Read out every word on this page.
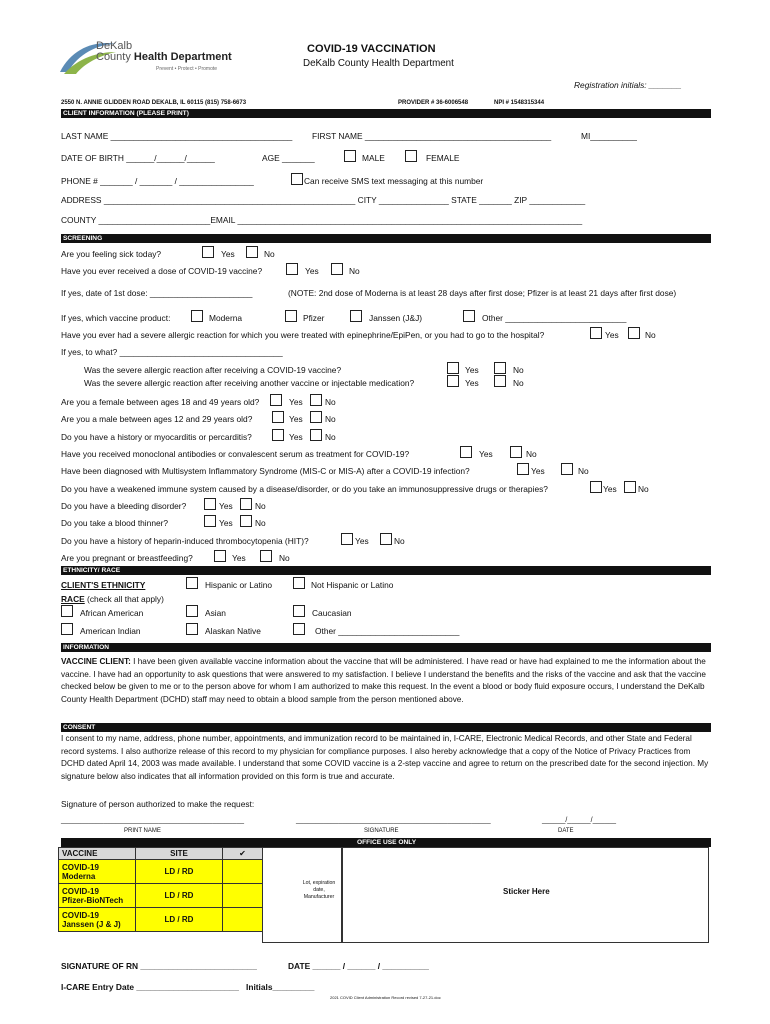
DeKalb
County Health Department
Prevent • Protect • Promote
COVID-19 VACCINATION
DeKalb County Health Department
Registration initials: _______
2550 N. ANNIE GLIDDEN ROAD DEKALB, IL 60115 (815) 758-6673	PROVIDER # 36-6006548	NPI # 1548315344
CLIENT INFORMATION (PLEASE PRINT)
LAST NAME _______________________________________ FIRST NAME ________________________________________	MI__________
DATE OF BIRTH ______/______/______	AGE _______	MALE	FEMALE
PHONE # _______ / _______ / ________________	Can receive SMS text messaging at this number
ADDRESS ______________________________________________________ CITY _______________ STATE _______ ZIP ____________
COUNTY ________________________EMAIL __________________________________________________________________________
SCREENING
Are you feeling sick today?	Yes	No
Have you ever received a dose of COVID-19 vaccine?	Yes	No
If yes, date of 1st dose: ______________________	(NOTE: 2nd dose of Moderna is at least 28 days after first dose; Pfizer is at least 21 days after first dose)
If yes, which vaccine product:	Moderna	Pfizer	Janssen (J&J)	Other __________________________
Have you ever had a severe allergic reaction for which you were treated with epinephrine/EpiPen, or you had to go to the hospital?	Yes	No
If yes, to what? ___________________________________
Was the severe allergic reaction after receiving a COVID-19 vaccine?	Yes	No
Was the severe allergic reaction after receiving another vaccine or injectable medication?	Yes	No
Are you a female between ages 18 and 49 years old?	Yes	No
Are you a male between ages 12 and 29 years old?	Yes	No
Do you have a history or myocarditis or percarditis?	Yes	No
Have you received monoclonal antibodies or convalescent serum as treatment for COVID-19?	Yes	No
Have been diagnosed with Multisystem Inflammatory Syndrome (MIS-C or MIS-A) after a COVID-19 infection?	Yes	No
Do you have a weakened immune system caused by a disease/disorder, or do you take an immunosuppressive drugs or therapies?	Yes	No
Do you have a bleeding disorder?	Yes	No
Do you take a blood thinner?	Yes	No
Do you have a history of heparin-induced thrombocytopenia (HIT)?	Yes	No
Are you pregnant or breastfeeding?	Yes	No
ETHNICITY/ RACE
CLIENT'S ETHNICITY	Hispanic or Latino	Not Hispanic or Latino
RACE (check all that apply)
African American	Asian	Caucasian
American Indian	Alaskan Native	Other __________________________
INFORMATION
VACCINE CLIENT: I have been given available vaccine information about the vaccine that will be administered. I have read or have had explained to me the information about the vaccine. I have had an opportunity to ask questions that were answered to my satisfaction. I believe I understand the benefits and the risks of the vaccine and ask that the vaccine checked below be given to me or to the person above for whom I am authorized to make this request. In the event a blood or body fluid exposure occurs, I understand the DeKalb County Health Department (DCHD) staff may need to obtain a blood sample from the person mentioned above.
CONSENT
I consent to my name, address, phone number, appointments, and immunization record to be maintained in, I-CARE, Electronic Medical Records, and other State and Federal record systems. I also authorize release of this record to my physician for compliance purposes. I also hereby acknowledge that a copy of the Notice of Privacy Practices from DCHD dated April 14, 2003 was made available. I understand that some COVID vaccine is a 2-step vaccine and agree to return on the prescribed date for the second injection. My signature below also indicates that all information provided on this form is true and accurate.
Signature of person authorized to make the request:
_______________________________________________	__________________________________________________	______/______/______
PRINT NAME	SIGNATURE	DATE
OFFICE USE ONLY
VACCINE	SITE	✔

COVID-19
Moderna	LD / RD	

COVID-19
Pfizer-BioNTech	LD / RD	

COVID-19
Janssen (J & J)	LD / RD	
Lot, expiration date, Manufacturer
Sticker Here
SIGNATURE OF RN _________________________	DATE ______ / ______ / __________
I-CARE Entry Date ______________________ Initials_________
2021 COVID Client Administration Record revised 7-27-21.doc
